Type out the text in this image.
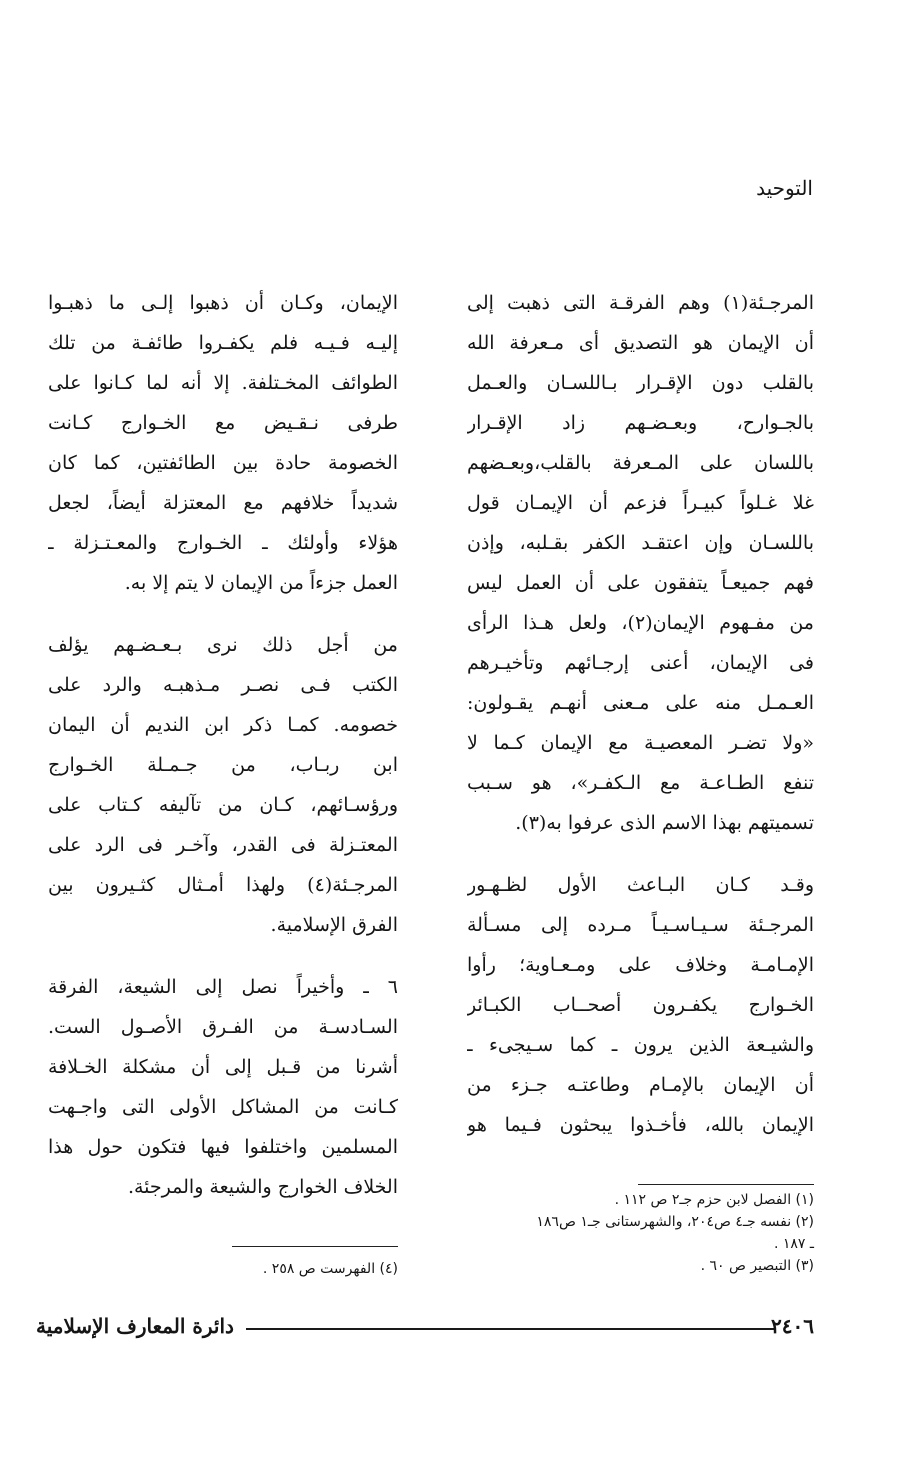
التوحيد
المرجـئة(١) وهم الفرقـة التى ذهبت إلى
أن الإيمان هو التصديق أى مـعرفة الله
بالقلب دون الإقـرار بـاللسـان والعـمل
بالجـوارح، وبعـضـهم زاد الإقـرار
باللسان على المـعرفة بالقلب،وبعـضهم
غلا غـلواً كبيـراً فزعم أن الإيمـان قول
باللسـان وإن اعتقـد الكفر بقـلبه، وإذن
فهم جميعـاً يتفقون على أن العمل ليس
من مفـهوم الإيمان(٢)، ولعل هـذا الرأى
فى الإيمان، أعنى إرجـائهم وتأخيـرهم
العـمـل منه على مـعنى أنهـم يقـولون:
«ولا تضـر المعصيـة مع الإيمان كـما لا
تنفع الطـاعـة مع الـكفـر»، هو سـبب
تسميتهم بهذا الاسم الذى عرفوا به(٣).
وقـد كـان البـاعث الأول لظـهـور
المرجـئة سـيـاسـيـاً مـرده إلى مسـألة
الإمـامـة وخلاف على ومـعـاوية؛ رأوا
الخـوارج يكفـرون أصحــاب الكبـائر
والشيـعة الذين يرون ـ كما سـيجىء ـ
أن الإيمان بالإمـام وطاعتـه جـزء من
الإيمان بالله، فأخـذوا يبحثون فـيما هو
(١) الفصل لابن حزم جـ٢ ص ١١٢ .
(٢) نفسه جـ٤ ص٢٠٤، والشهرستانى جـ١ ص١٨٦
ـ ١٨٧ .
(٣) التبصير ص ٦٠ .
الإيمان، وكـان أن ذهبوا إلـى ما ذهبـوا
إليـه فـيـه فلم يكفـروا طائفـة من تلك
الطوائف المخـتلفة. إلا أنه لما كـانوا على
طرفى نـقـيض مع الخـوارج كـانت
الخصومة حادة بين الطائفتين، كما كان
شديداً خلافهم مع المعتزلة أيضاً، لجعل
هؤلاء وأولئك ـ الخـوارج والمعـتـزلة ـ
العمل جزءاً من الإيمان لا يتم إلا به.
من أجل ذلك نرى بـعـضـهم يؤلف
الكتب فـى نصـر مـذهبـه والرد على
خصومه. كمـا ذكر ابن النديم أن اليمان
ابن ربـاب، من جـمـلة الخـوارج
ورؤسـائهم، كـان من تآليفه كـتاب على
المعتـزلة فى القدر، وآخـر فى الرد على
المرجـئة(٤) ولهذا أمـثال كثـيرون بين
الفرق الإسلامية.
٦ ـ وأخيراً نصل إلى الشيعة، الفرقة
السـادسـة من الفـرق الأصـول الست.
أشرنا من قـبل إلى أن مشكلة الخـلافة
كـانت من المشاكل الأولى التى واجـهت
المسلمين واختلفوا فيها فتكون حول هذا
الخلاف الخوارج والشيعة والمرجئة.
(٤) الفهرست ص ٢٥٨ .
دائرة المعارف الإسلامية	٢٤٠٦
